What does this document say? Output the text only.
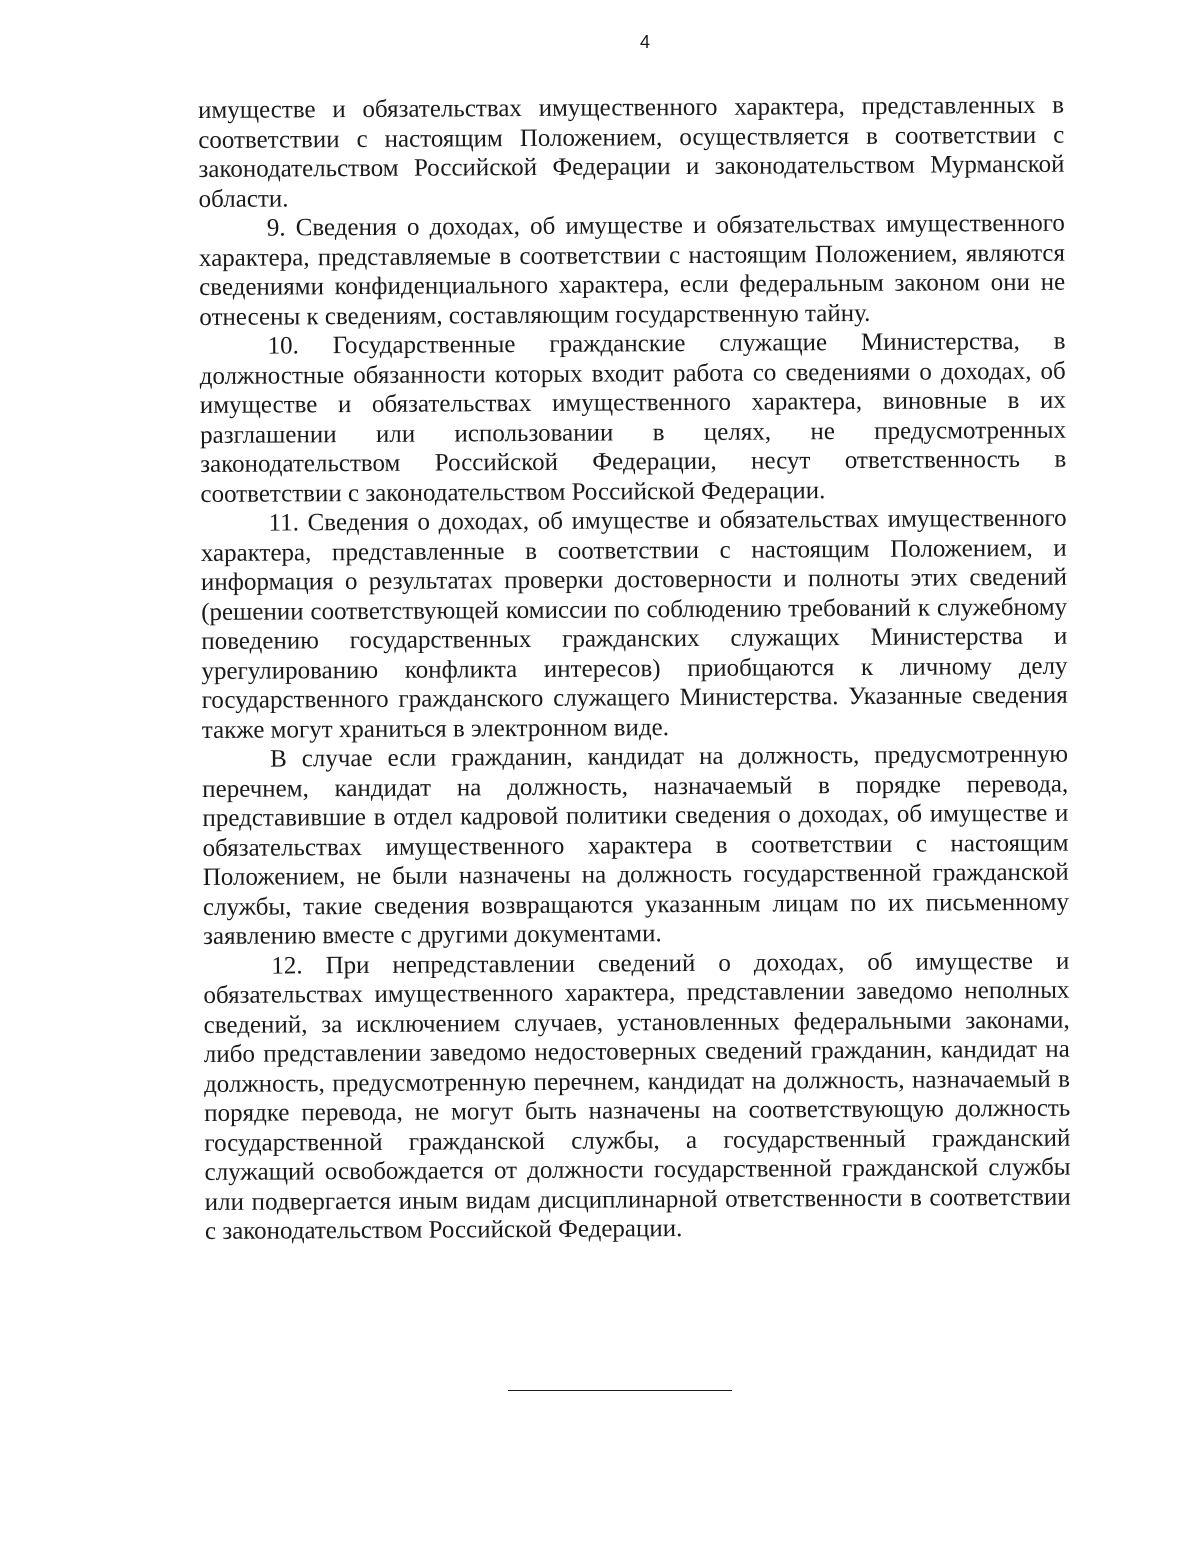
4

имуществе и обязательствах имущественного характера, представленных в соответствии с настоящим Положением, осуществляется в соответствии с законодательством Российской Федерации и законодательством Мурманской области.

9. Сведения о доходах, об имуществе и обязательствах имущественного характера, представляемые в соответствии с настоящим Положением, являются сведениями конфиденциального характера, если федеральным законом они не отнесены к сведениям, составляющим государственную тайну.

10. Государственные гражданские служащие Министерства, в должностные обязанности которых входит работа со сведениями о доходах, об имуществе и обязательствах имущественного характера, виновные в их разглашении или использовании в целях, не предусмотренных законодательством Российской Федерации, несут ответственность в соответствии с законодательством Российской Федерации.

11. Сведения о доходах, об имуществе и обязательствах имущественного характера, представленные в соответствии с настоящим Положением, и информация о результатах проверки достоверности и полноты этих сведений (решении соответствующей комиссии по соблюдению требований к служебному поведению государственных гражданских служащих Министерства и урегулированию конфликта интересов) приобщаются к личному делу государственного гражданского служащего Министерства. Указанные сведения также могут храниться в электронном виде.

В случае если гражданин, кандидат на должность, предусмотренную перечнем, кандидат на должность, назначаемый в порядке перевода, представившие в отдел кадровой политики сведения о доходах, об имуществе и обязательствах имущественного характера в соответствии с настоящим Положением, не были назначены на должность государственной гражданской службы, такие сведения возвращаются указанным лицам по их письменному заявлению вместе с другими документами.

12. При непредставлении сведений о доходах, об имуществе и обязательствах имущественного характера, представлении заведомо неполных сведений, за исключением случаев, установленных федеральными законами, либо представлении заведомо недостоверных сведений гражданин, кандидат на должность, предусмотренную перечнем, кандидат на должность, назначаемый в порядке перевода, не могут быть назначены на соответствующую должность государственной гражданской службы, а государственный гражданский служащий освобождается от должности государственной гражданской службы или подвергается иным видам дисциплинарной ответственности в соответствии с законодательством Российской Федерации.
